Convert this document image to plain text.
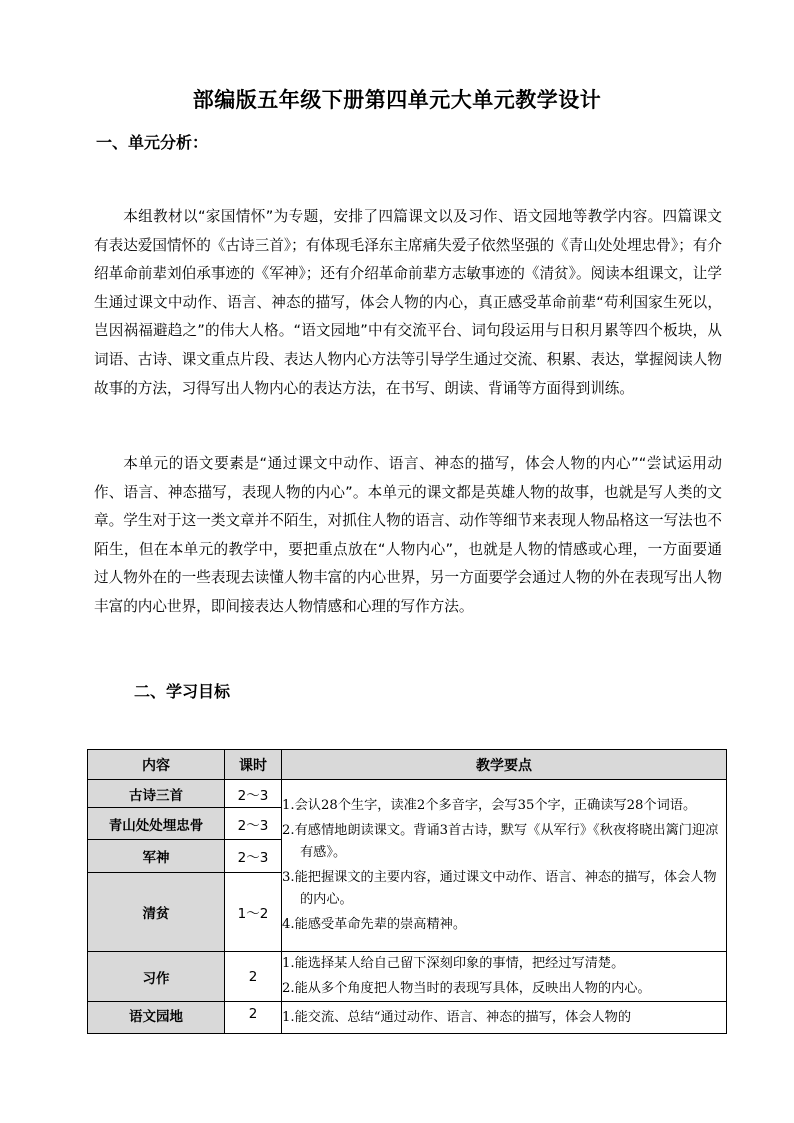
部编版五年级下册第四单元大单元教学设计
一、单元分析：

本组教材以“家国情怀”为专题，安排了四篇课文以及习作、语文园地等教学内容。四篇课文有表达爱国情怀的《古诗三首》；有体现毛泽东主席痛失爱子依然坚强的《青山处处埋忠骨》；有介绍革命前辈刘伯承事迹的《军神》；还有介绍革命前辈方志敏事迹的《清贫》。阅读本组课文，让学生通过课文中动作、语言、神态的描写，体会人物的内心，真正感受革命前辈“苟利国家生死以，岂因祸福避趋之”的伟大人格。“语文园地”中有交流平台、词句段运用与日积月累等四个板块，从词语、古诗、课文重点片段、表达人物内心方法等引导学生通过交流、积累、表达，掌握阅读人物故事的方法，习得写出人物内心的表达方法，在书写、朗读、背诵等方面得到训练。

本单元的语文要素是“通过课文中动作、语言、神态的描写，体会人物的内心”“尝试运用动作、语言、神态描写，表现人物的内心”。本单元的课文都是英雄人物的故事，也就是写人类的文章。学生对于这一类文章并不陌生，对抓住人物的语言、动作等细节来表现人物品格这一写法也不陌生，但在本单元的教学中，要把重点放在“人物内心”，也就是人物的情感或心理，一方面要通过人物外在的一些表现去读懂人物丰富的内心世界，另一方面要学会通过人物的外在表现写出人物丰富的内心世界，即间接表达人物情感和心理的写作方法。

二、学习目标
内容	课时	教学要点
古诗三首	2～3	1.会认28个生字，读准2个多音字，会写35个字，正确读写28个词语。

2.有感情地朗读课文。背诵3首古诗，默写《从军行》《秋夜将晓出篱门迎凉有感》。

3.能把握课文的主要内容，通过课文中动作、语言、神态的描写，体会人物的内心。

4.能感受革命先辈的崇高精神。

青山处处埋忠骨	2～3	
军神	2～3	
清贫	1～2	
习作	2	1.能选择某人给自己留下深刻印象的事情，把经过写清楚。

2.能从多个角度把人物当时的表现写具体，反映出人物的内心。

语文园地	2	1.能交流、总结“通过动作、语言、神态的描写，体会人物的
